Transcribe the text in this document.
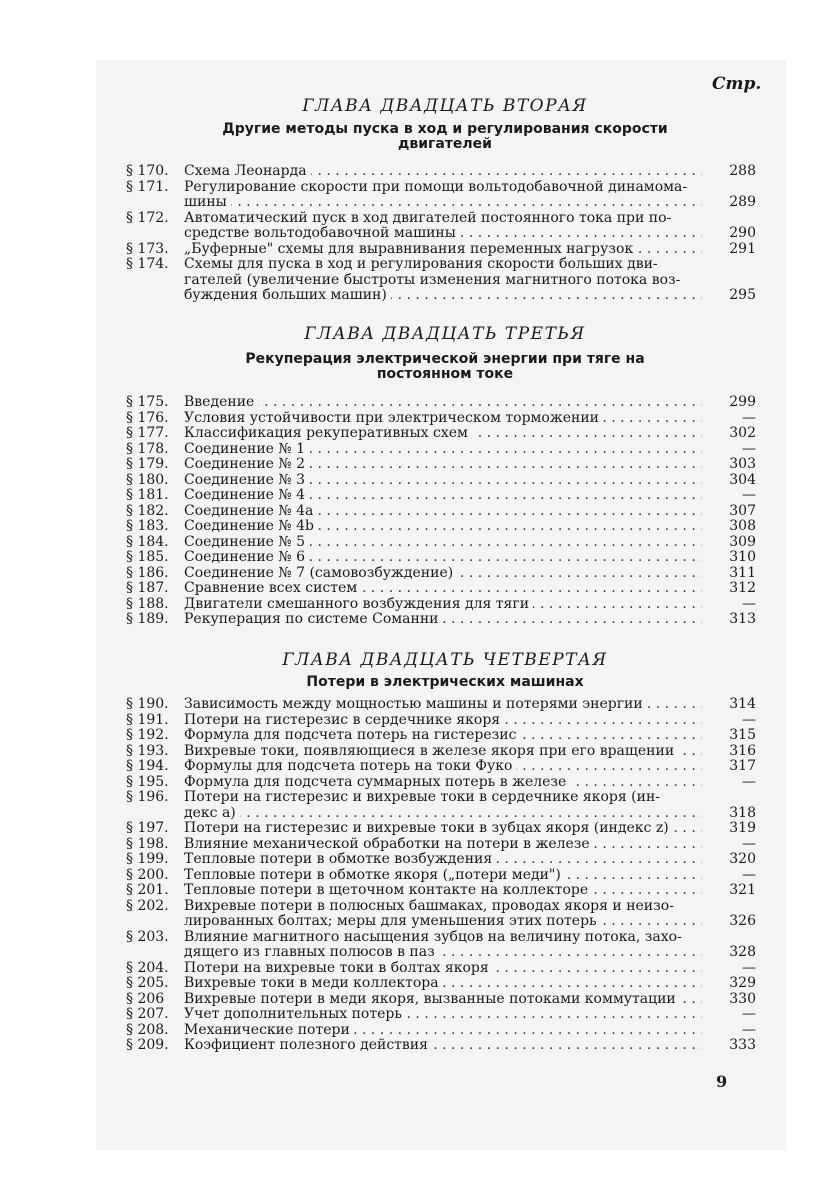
Стр.
ГЛАВА ДВАДЦАТЬ ВТОРАЯ
Другие методы пуска в ход и регулирования скорости
двигателей
§ 170.	Схема Леонарда . . .	288
§ 171.	Регулирование скорости при помощи вольтодобавочной динамома-
шины . . .	289
§ 172.	Автоматический пуск в ход двигателей постоянного тока при по-
средстве вольтодобавочной машины . . .	290
§ 173.	„Буферные" схемы для выравнивания переменных нагрузок . . .	291
§ 174.	Схемы для пуска в ход и регулирования скорости больших дви-
гателей (увеличение быстроты изменения магнитного потока воз-
буждения больших машин) . . .	295
ГЛАВА ДВАДЦАТЬ ТРЕТЬЯ
Рекуперация электрической энергии при тяге на
постоянном токе
§ 175.	Введение . . .	299
§ 176.	Условия устойчивости при электрическом торможении . . .	—
§ 177.	Классификация рекуперативных схем . . .	302
§ 178.	Соединение № 1 . . .	—
§ 179.	Соединение № 2 . . .	303
§ 180.	Соединение № 3 . . .	304
§ 181.	Соединение № 4 . . .	—
§ 182.	Соединение № 4a . . .	307
§ 183.	Соединение № 4b . . .	308
§ 184.	Соединение № 5 . . .	309
§ 185.	Соединение № 6 . . .	310
§ 186.	Соединение № 7 (самовозбуждение) . . .	311
§ 187.	Сравнение всех систем . . .	312
§ 188.	Двигатели смешанного возбуждения для тяги . . .	—
§ 189.	Рекуперация по системе Соманни . . .	313
ГЛАВА ДВАДЦАТЬ ЧЕТВЕРТАЯ
Потери в электрических машинах
§ 190.	Зависимость между мощностью машины и потерями энергии . . .	314
§ 191.	Потери на гистерезис в сердечнике якоря . . .	—
§ 192.	Формула для подсчета потерь на гистерезис . . .	315
§ 193.	Вихревые токи, появляющиеся в железе якоря при его вращении . . .	316
§ 194.	Формулы для подсчета потерь на токи Фуко . . .	317
§ 195.	Формула для подсчета суммарных потерь в железе . . .	—
§ 196.	Потери на гистерезис и вихревые токи в сердечнике якоря (ин-
декс a) . . .	318
§ 197.	Потери на гистерезис и вихревые токи в зубцах якоря (индекс z) . . .	319
§ 198.	Влияние механической обработки на потери в железе . . .	—
§ 199.	Тепловые потери в обмотке возбуждения . . .	320
§ 200.	Тепловые потери в обмотке якоря („потери меди") . . .	—
§ 201.	Тепловые потери в щеточном контакте на коллекторе . . .	321
§ 202.	Вихревые потери в полюсных башмаках, проводах якоря и неизо-
лированных болтах; меры для уменьшения этих потерь . . .	326
§ 203.	Влияние магнитного насыщения зубцов на величину потока, захо-
дящего из главных полюсов в паз . . .	328
§ 204.	Потери на вихревые токи в болтах якоря . . .	—
§ 205.	Вихревые токи в меди коллектора . . .	329
§ 206	Вихревые потери в меди якоря, вызванные потоками коммутации . . .	330
§ 207.	Учет дополнительных потерь . . .	—
§ 208.	Механические потери . . .	—
§ 209.	Коэфициент полезного действия . . .	333
9
